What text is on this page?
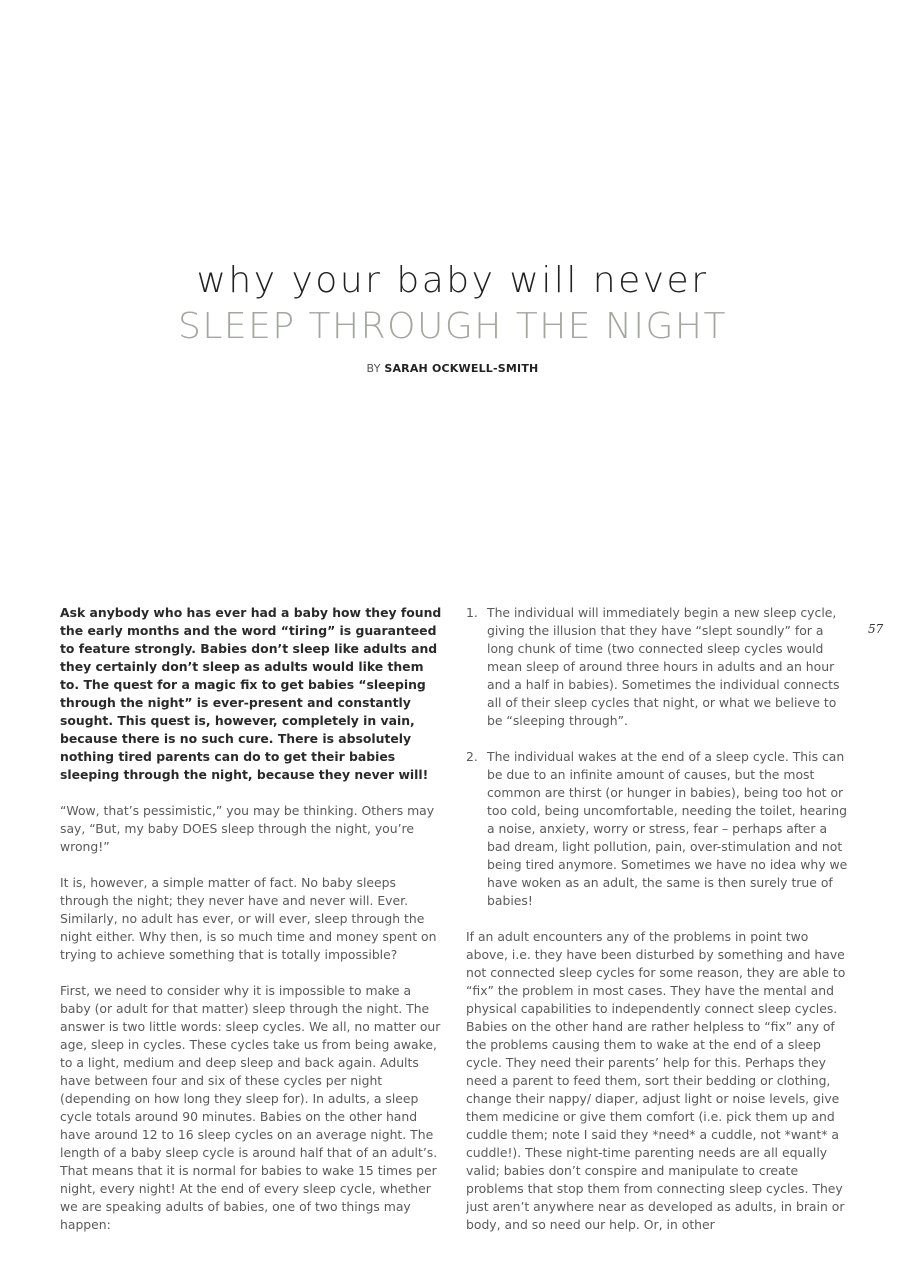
why your baby will never
SLEEP THROUGH THE NIGHT
BY SARAH OCKWELL-SMITH
57

Ask anybody who has ever had a baby how they found the early months and the word “tiring” is guaranteed to feature strongly. Babies don’t sleep like adults and they certainly don’t sleep as adults would like them to. The quest for a magic fix to get babies “sleeping through the night” is ever-present and constantly sought. This quest is, however, completely in vain, because there is no such cure. There is absolutely nothing tired parents can do to get their babies sleeping through the night, because they never will!

“Wow, that’s pessimistic,” you may be thinking. Others may say, “But, my baby DOES sleep through the night, you’re wrong!”

It is, however, a simple matter of fact. No baby sleeps through the night; they never have and never will. Ever. Similarly, no adult has ever, or will ever, sleep through the night either. Why then, is so much time and money spent on trying to achieve something that is totally impossible?

First, we need to consider why it is impossible to make a baby (or adult for that matter) sleep through the night. The answer is two little words: sleep cycles. We all, no matter our age, sleep in cycles. These cycles take us from being awake, to a light, medium and deep sleep and back again. Adults have between four and six of these cycles per night (depending on how long they sleep for). In adults, a sleep cycle totals around 90 minutes. Babies on the other hand have around 12 to 16 sleep cycles on an average night. The length of a baby sleep cycle is around half that of an adult’s. That means that it is normal for babies to wake 15 times per night, every night! At the end of every sleep cycle, whether we are speaking adults of babies, one of two things may happen:

1. The individual will immediately begin a new sleep cycle, giving the illusion that they have “slept soundly” for a long chunk of time (two connected sleep cycles would mean sleep of around three hours in adults and an hour and a half in babies). Sometimes the individual connects all of their sleep cycles that night, or what we believe to be “sleeping through”.
2. The individual wakes at the end of a sleep cycle. This can be due to an infinite amount of causes, but the most common are thirst (or hunger in babies), being too hot or too cold, being uncomfortable, needing the toilet, hearing a noise, anxiety, worry or stress, fear – perhaps after a bad dream, light pollution, pain, over-stimulation and not being tired anymore. Sometimes we have no idea why we have woken as an adult, the same is then surely true of babies!

If an adult encounters any of the problems in point two above, i.e. they have been disturbed by something and have not connected sleep cycles for some reason, they are able to “fix” the problem in most cases. They have the mental and physical capabilities to independently connect sleep cycles. Babies on the other hand are rather helpless to “fix” any of the problems causing them to wake at the end of a sleep cycle. They need their parents’ help for this. Perhaps they need a parent to feed them, sort their bedding or clothing, change their nappy/ diaper, adjust light or noise levels, give them medicine or give them comfort (i.e. pick them up and cuddle them; note I said they *need* a cuddle, not *want* a cuddle!). These night-time parenting needs are all equally valid; babies don’t conspire and manipulate to create problems that stop them from connecting sleep cycles. They just aren’t anywhere near as developed as adults, in brain or body, and so need our help. Or, in other
